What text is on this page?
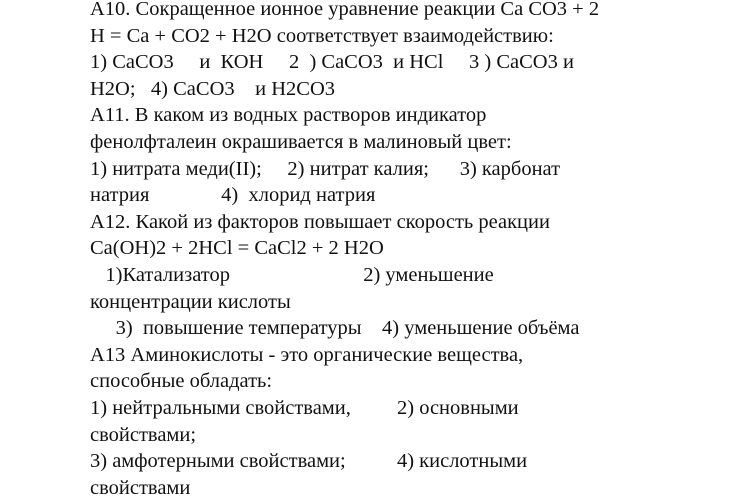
А10. Сокращенное ионное уравнение реакции Са СО3 + 2

Н = Са + СО2 + Н2О соответствует взаимодействию:

1) СаСО3     и  КОН     2  ) СаСО3  и HCl     3 ) СаСО3 и

Н2О;   4) СаСО3    и Н2СО3

А11. В каком из водных растворов индикатор

фенолфталеин окрашивается в малиновый цвет:

1) нитрата меди(II);     2) нитрат калия;      3) карбонат

натрия              4)  хлорид натрия

А12. Какой из факторов повышает скорость реакции

Са(ОН)2 + 2HCl = CaCl2 + 2 H2O

1)Катализатор                          2) уменьшение

концентрации кислоты

3)  повышение температуры    4) уменьшение объёма

А13 Аминокислоты - это органические вещества,

способные обладать:

1) нейтральными свойствами,         2) основными

свойствами;

3) амфотерными свойствами;          4) кислотными

свойствами
